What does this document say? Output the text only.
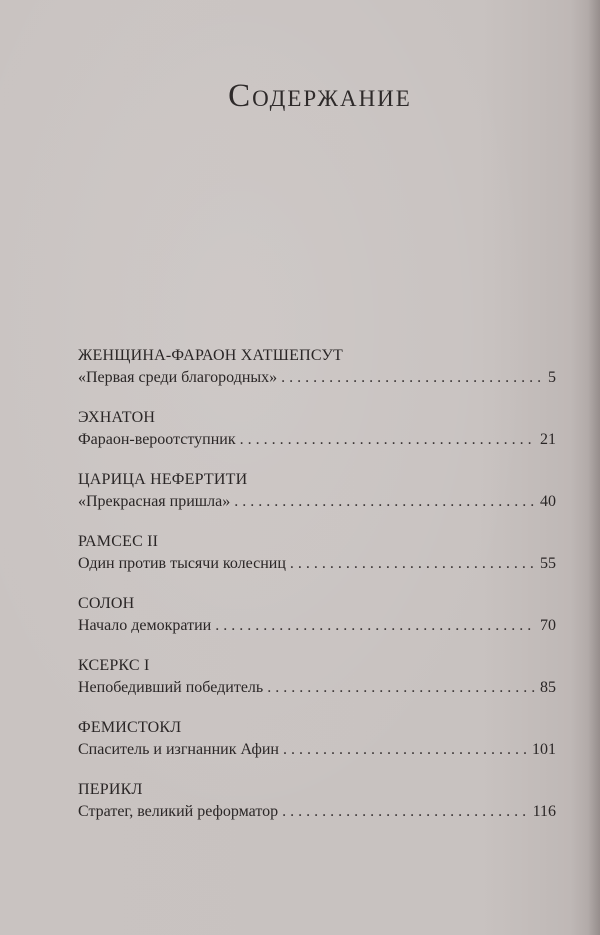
Содержание
ЖЕНЩИНА-ФАРАОН ХАТШЕПСУТ
«Первая среди благородных» . . .	5
ЭХНАТОН
Фараон-вероотступник . . .	21
ЦАРИЦА НЕФЕРТИТИ
«Прекрасная пришла» . . .	40
РАМСЕС II
Один против тысячи колесниц . . .	55
СОЛОН
Начало демократии . . .	70
КСЕРКС I
Непобедивший победитель . . .	85
ФЕМИСТОКЛ
Спаситель и изгнанник Афин . . .	101
ПЕРИКЛ
Стратег, великий реформатор . . .	116
